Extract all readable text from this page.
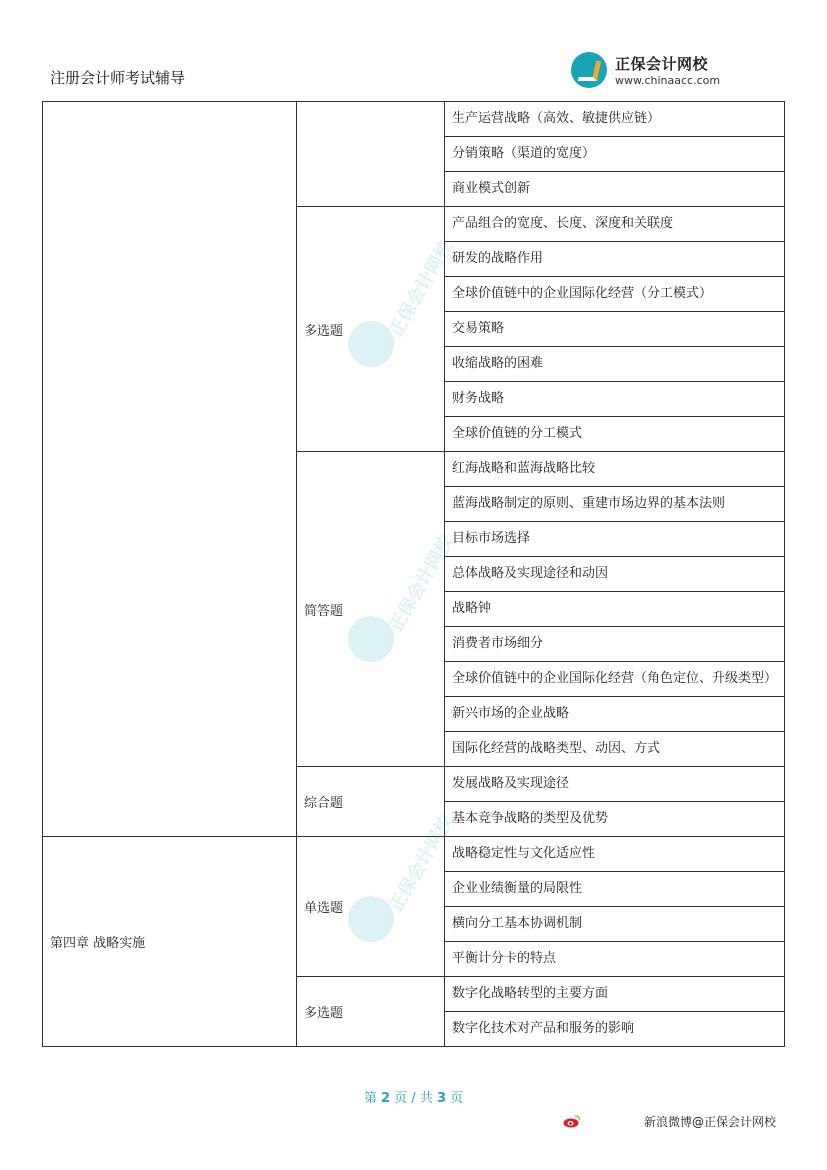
注册会计师考试辅导
正保会计网校
www.chinaacc.com
正保会计网校
正保会计网校
正保会计网校
		生产运营战略（高效、敏捷供应链）
		分销策略（渠道的宽度）
		商业模式创新
	多选题	产品组合的宽度、长度、深度和关联度
		研发的战略作用
		全球价值链中的企业国际化经营（分工模式）
		交易策略
		收缩战略的困难
		财务战略
		全球价值链的分工模式
	简答题	红海战略和蓝海战略比较
		蓝海战略制定的原则、重建市场边界的基本法则
		目标市场选择
		总体战略及实现途径和动因
		战略钟
		消费者市场细分
		全球价值链中的企业国际化经营（角色定位、升级类型）
		新兴市场的企业战略
		国际化经营的战略类型、动因、方式
	综合题	发展战略及实现途径
		基本竞争战略的类型及优势
第四章 战略实施	单选题	战略稳定性与文化适应性
		企业业绩衡量的局限性
		横向分工基本协调机制
		平衡计分卡的特点
	多选题	数字化战略转型的主要方面
		数字化技术对产品和服务的影响
第 2 页 / 共 3 页
新浪微博@正保会计网校
